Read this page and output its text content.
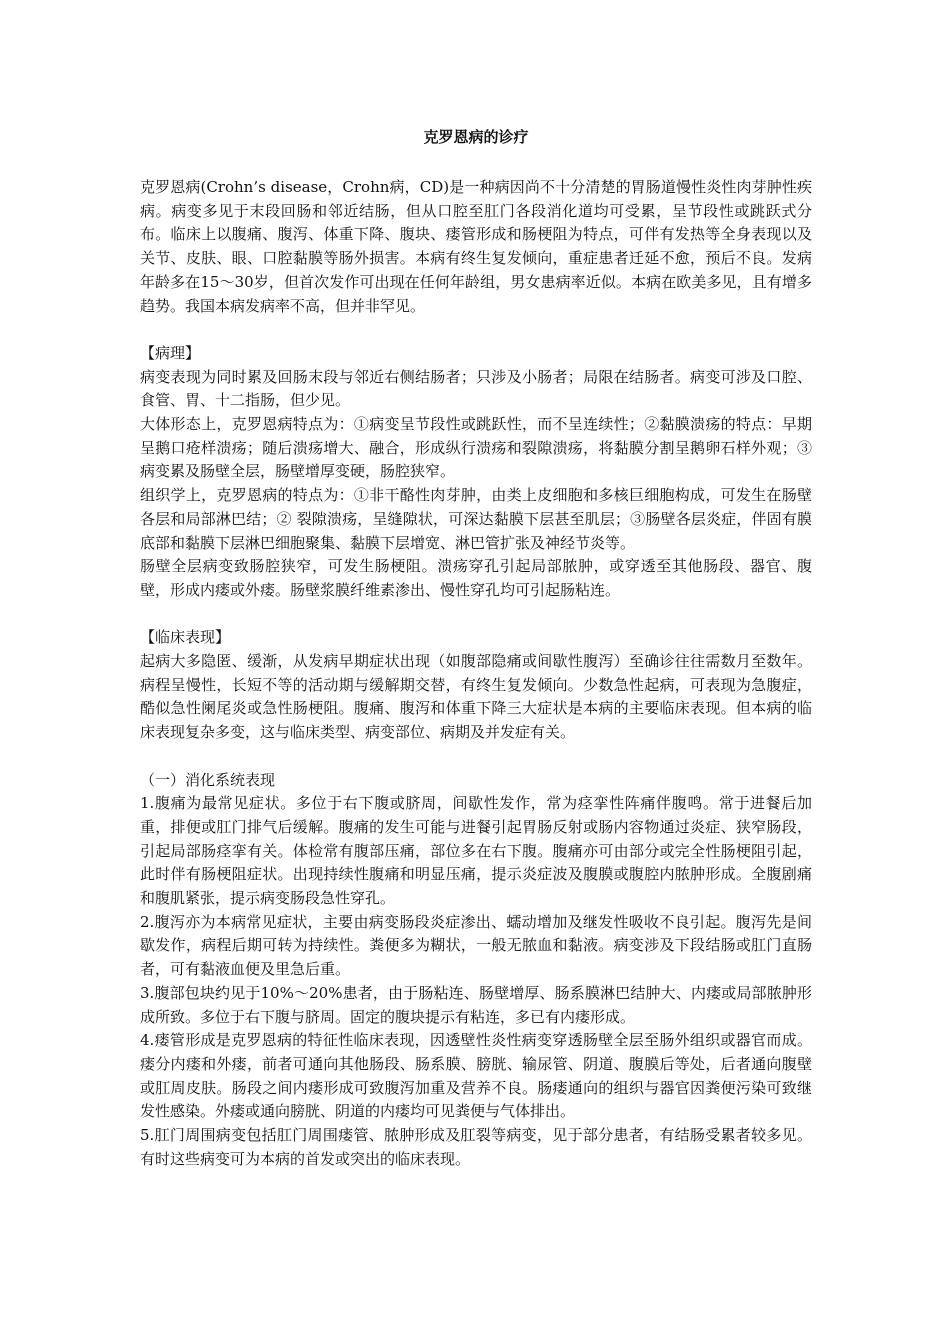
克罗恩病的诊疗

克罗恩病(Crohn’s disease，Crohn病，CD)是一种病因尚不十分清楚的胃肠道慢性炎性肉芽肿性疾病。病变多见于末段回肠和邻近结肠，但从口腔至肛门各段消化道均可受累，呈节段性或跳跃式分布。临床上以腹痛、腹泻、体重下降、腹块、瘘管形成和肠梗阻为特点，可伴有发热等全身表现以及关节、皮肤、眼、口腔黏膜等肠外损害。本病有终生复发倾向，重症患者迁延不愈，预后不良。发病年龄多在15～30岁，但首次发作可出现在任何年龄组，男女患病率近似。本病在欧美多见，且有增多趋势。我国本病发病率不高，但并非罕见。

【病理】

病变表现为同时累及回肠末段与邻近右侧结肠者；只涉及小肠者；局限在结肠者。病变可涉及口腔、食管、胃、十二指肠，但少见。

大体形态上，克罗恩病特点为：①病变呈节段性或跳跃性，而不呈连续性；②黏膜溃疡的特点：早期呈鹅口疮样溃疡；随后溃疡增大、融合，形成纵行溃疡和裂隙溃疡，将黏膜分割呈鹅卵石样外观；③病变累及肠壁全层，肠壁增厚变硬，肠腔狭窄。

组织学上，克罗恩病的特点为：①非干酪性肉芽肿，由类上皮细胞和多核巨细胞构成，可发生在肠壁各层和局部淋巴结；② 裂隙溃疡，呈缝隙状，可深达黏膜下层甚至肌层；③肠壁各层炎症，伴固有膜底部和黏膜下层淋巴细胞聚集、黏膜下层增宽、淋巴管扩张及神经节炎等。

肠壁全层病变致肠腔狭窄，可发生肠梗阻。溃疡穿孔引起局部脓肿，或穿透至其他肠段、器官、腹壁，形成内瘘或外瘘。肠壁浆膜纤维素渗出、慢性穿孔均可引起肠粘连。

【临床表现】

起病大多隐匿、缓渐，从发病早期症状出现（如腹部隐痛或间歇性腹泻）至确诊往往需数月至数年。病程呈慢性，长短不等的活动期与缓解期交替，有终生复发倾向。少数急性起病，可表现为急腹症，酷似急性阑尾炎或急性肠梗阻。腹痛、腹泻和体重下降三大症状是本病的主要临床表现。但本病的临床表现复杂多变，这与临床类型、病变部位、病期及并发症有关。

（一）消化系统表现

1.腹痛为最常见症状。多位于右下腹或脐周，间歇性发作，常为痉挛性阵痛伴腹鸣。常于进餐后加重，排便或肛门排气后缓解。腹痛的发生可能与进餐引起胃肠反射或肠内容物通过炎症、狭窄肠段，引起局部肠痉挛有关。体检常有腹部压痛，部位多在右下腹。腹痛亦可由部分或完全性肠梗阻引起，此时伴有肠梗阻症状。出现持续性腹痛和明显压痛，提示炎症波及腹膜或腹腔内脓肿形成。全腹剧痛和腹肌紧张，提示病变肠段急性穿孔。

2.腹泻亦为本病常见症状，主要由病变肠段炎症渗出、蠕动增加及继发性吸收不良引起。腹泻先是间歇发作，病程后期可转为持续性。粪便多为糊状，一般无脓血和黏液。病变涉及下段结肠或肛门直肠者，可有黏液血便及里急后重。

3.腹部包块约见于10%～20%患者，由于肠粘连、肠壁增厚、肠系膜淋巴结肿大、内瘘或局部脓肿形成所致。多位于右下腹与脐周。固定的腹块提示有粘连，多已有内瘘形成。

4.瘘管形成是克罗恩病的特征性临床表现，因透壁性炎性病变穿透肠壁全层至肠外组织或器官而成。瘘分内瘘和外瘘，前者可通向其他肠段、肠系膜、膀胱、输尿管、阴道、腹膜后等处，后者通向腹壁或肛周皮肤。肠段之间内瘘形成可致腹泻加重及营养不良。肠瘘通向的组织与器官因粪便污染可致继发性感染。外瘘或通向膀胱、阴道的内瘘均可见粪便与气体排出。

5.肛门周围病变包括肛门周围瘘管、脓肿形成及肛裂等病变，见于部分患者，有结肠受累者较多见。有时这些病变可为本病的首发或突出的临床表现。
